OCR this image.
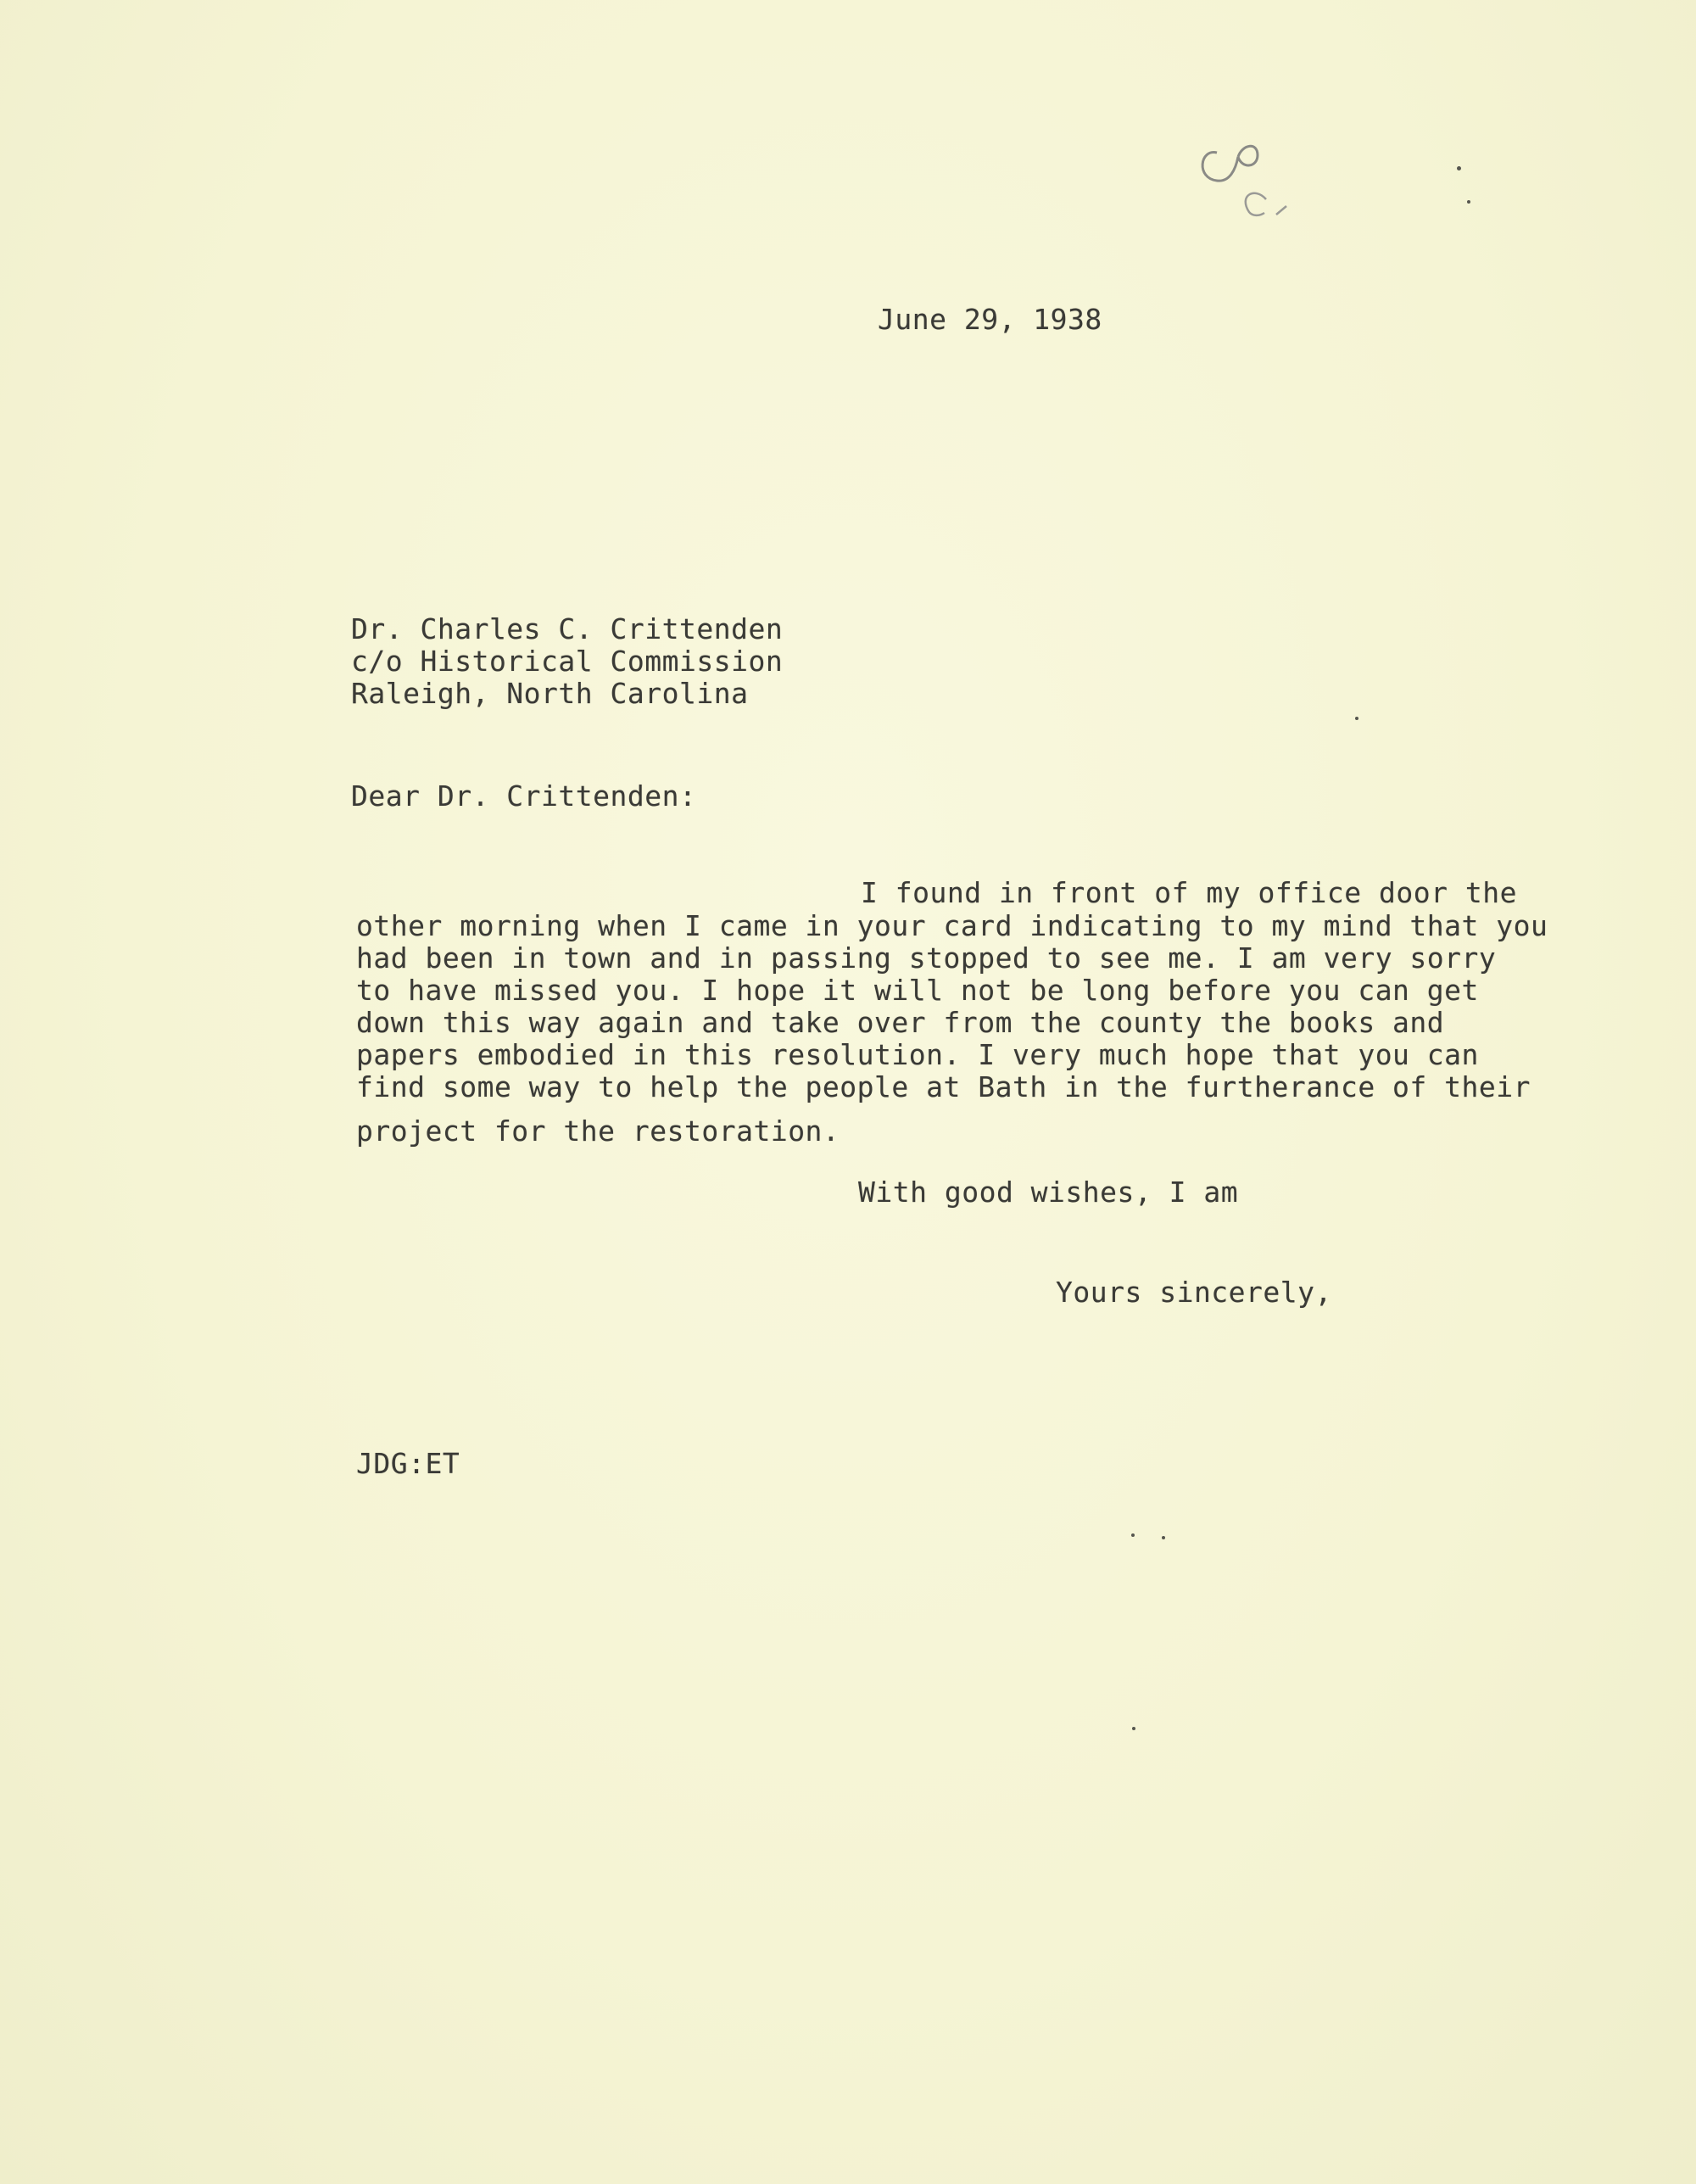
June 29, 1938
Dr. Charles C. Crittenden
c/o Historical Commission
Raleigh, North Carolina
Dear Dr. Crittenden:
I found in front of my office door the
other morning when I came in your card indicating to my mind that you
had been in town and in passing stopped to see me. I am very sorry
to have missed you. I hope it will not be long before you can get
down this way again and take over from the county the books and
papers embodied in this resolution. I very much hope that you can
find some way to help the people at Bath in the furtherance of their
project for the restoration.
With good wishes, I am
Yours sincerely,
JDG:ET
